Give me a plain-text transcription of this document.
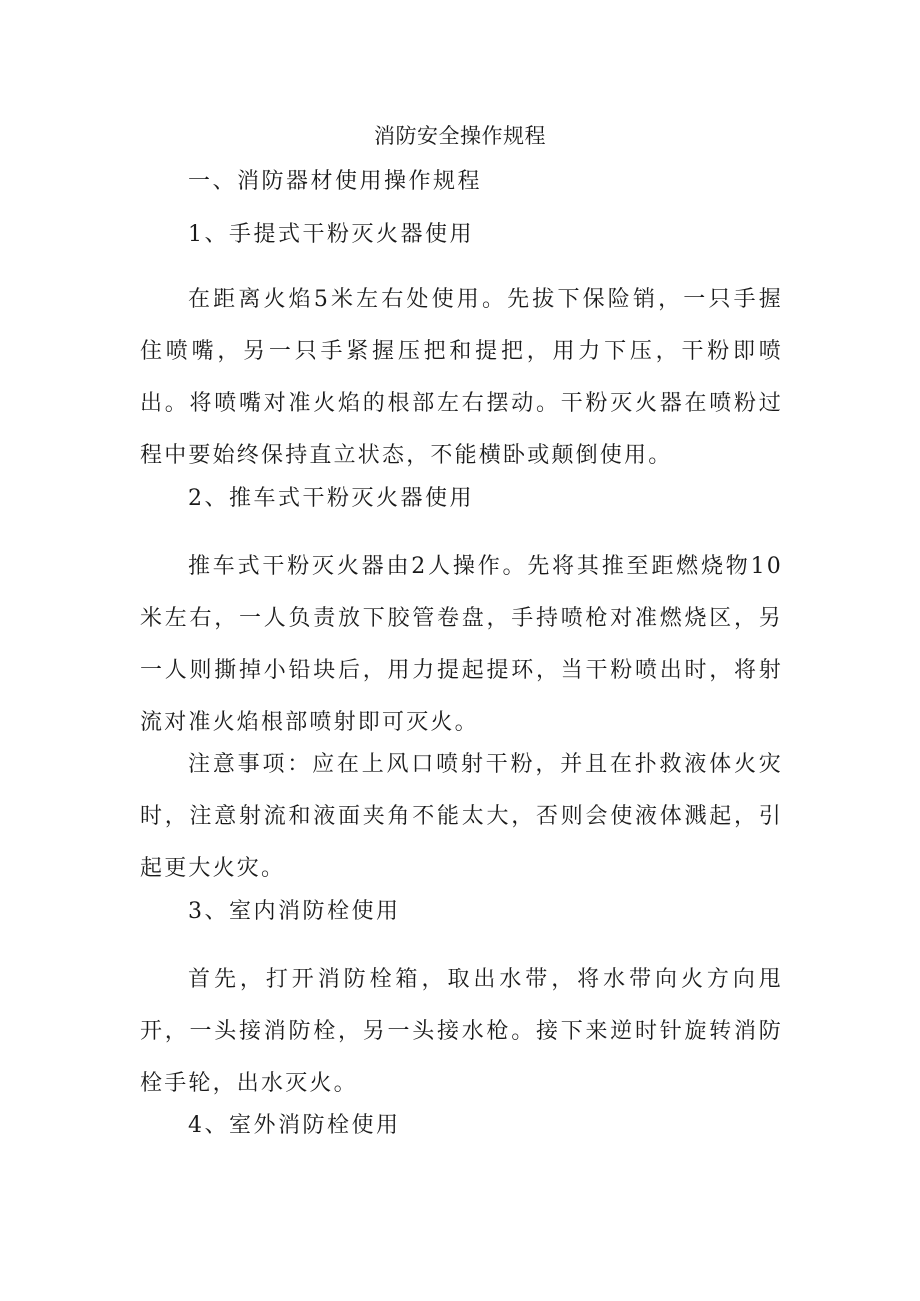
消防安全操作规程
一、消防器材使用操作规程
1、手提式干粉灭火器使用
在距离火焰5米左右处使用。先拔下保险销，一只手握住喷嘴，另一只手紧握压把和提把，用力下压，干粉即喷出。将喷嘴对准火焰的根部左右摆动。干粉灭火器在喷粉过程中要始终保持直立状态，不能横卧或颠倒使用。
2、推车式干粉灭火器使用
推车式干粉灭火器由2人操作。先将其推至距燃烧物10米左右，一人负责放下胶管卷盘，手持喷枪对准燃烧区，另一人则撕掉小铅块后，用力提起提环，当干粉喷出时，将射流对准火焰根部喷射即可灭火。
注意事项：应在上风口喷射干粉，并且在扑救液体火灾时，注意射流和液面夹角不能太大，否则会使液体溅起，引起更大火灾。
3、室内消防栓使用
首先，打开消防栓箱，取出水带，将水带向火方向甩开，一头接消防栓，另一头接水枪。接下来逆时针旋转消防栓手轮，出水灭火。
4、室外消防栓使用
